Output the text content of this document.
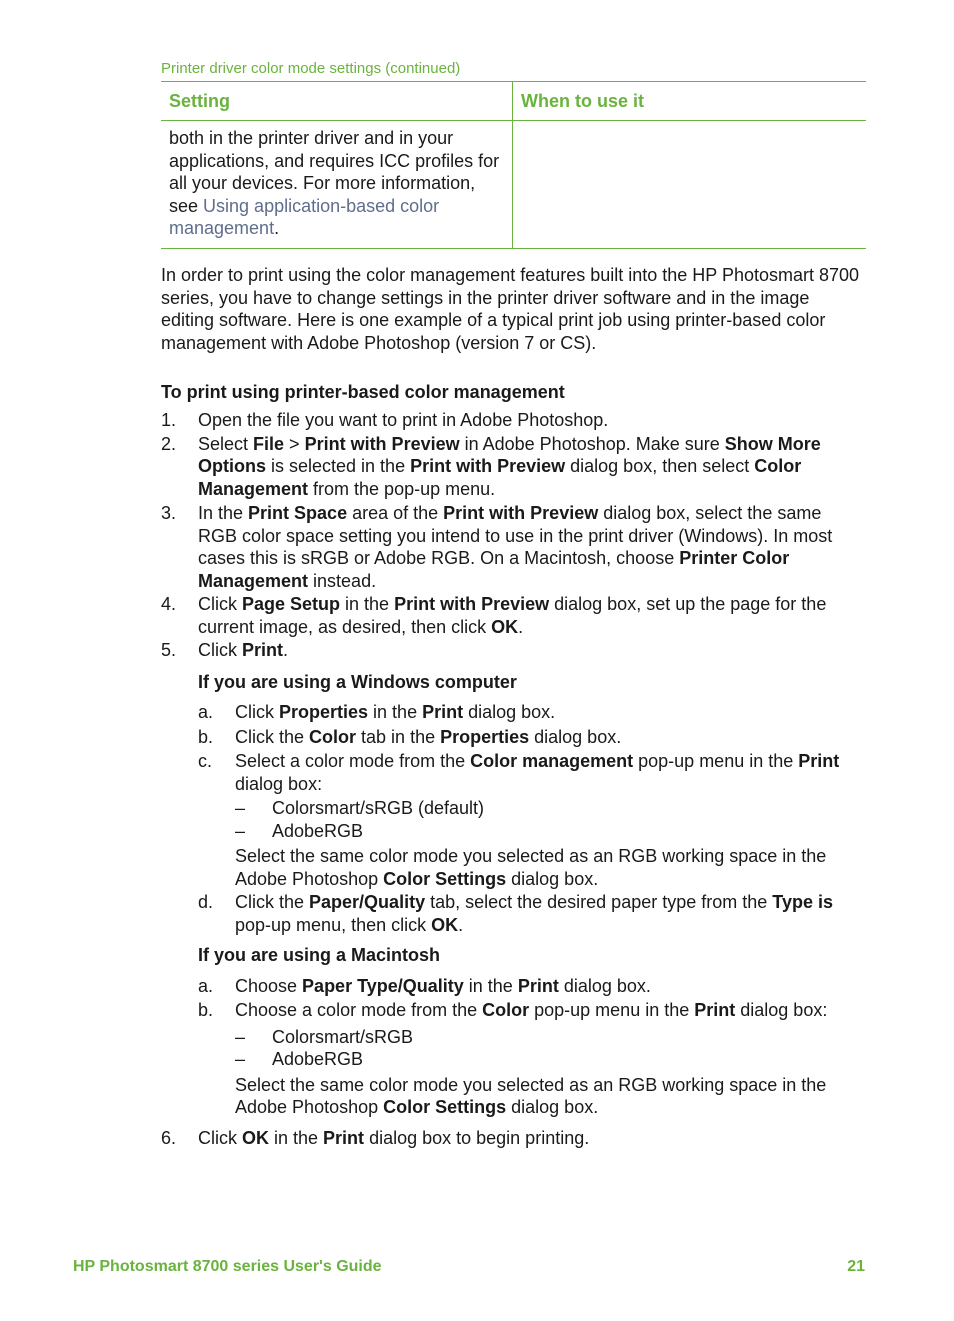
Printer driver color mode settings (continued)
Setting	When to use it
both in the printer driver and in your applications, and requires ICC profiles for all your devices. For more information, see Using application-based color management.	

In order to print using the color management features built into the HP Photosmart 8700 series, you have to change settings in the printer driver software and in the image editing software. Here is one example of a typical print job using printer-based color management with Adobe Photoshop (version 7 or CS).

To print using printer-based color management

1.	Open the file you want to print in Adobe Photoshop.
2.	Select File > Print with Preview in Adobe Photoshop. Make sure Show More Options is selected in the Print with Preview dialog box, then select Color Management from the pop-up menu.
3.	In the Print Space area of the Print with Preview dialog box, select the same RGB color space setting you intend to use in the print driver (Windows). In most cases this is sRGB or Adobe RGB. On a Macintosh, choose Printer Color Management instead.
4.	Click Page Setup in the Print with Preview dialog box, set up the page for the current image, as desired, then click OK.
5.	Click Print.
If you are using a Windows computer
a.	Click Properties in the Print dialog box.
b.	Click the Color tab in the Properties dialog box.
c.	Select a color mode from the Color management pop-up menu in the Print dialog box:
–	Colorsmart/sRGB (default)
–	AdobeRGB
Select the same color mode you selected as an RGB working space in the Adobe Photoshop Color Settings dialog box.
d.	Click the Paper/Quality tab, select the desired paper type from the Type is pop-up menu, then click OK.
If you are using a Macintosh
a.	Choose Paper Type/Quality in the Print dialog box.
b.	Choose a color mode from the Color pop-up menu in the Print dialog box:
–	Colorsmart/sRGB
–	AdobeRGB
Select the same color mode you selected as an RGB working space in the Adobe Photoshop Color Settings dialog box.
6.	Click OK in the Print dialog box to begin printing.
HP Photosmart 8700 series User's Guide	21
